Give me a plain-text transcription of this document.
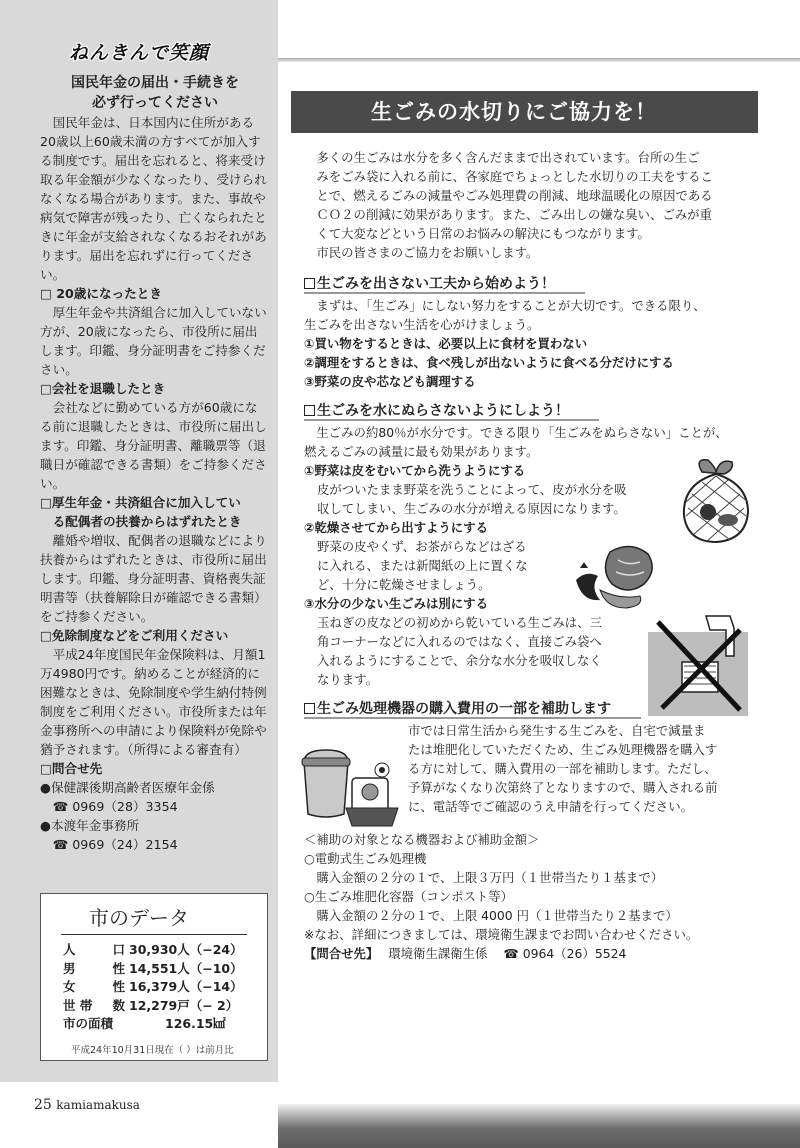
ねんきんで笑顔
国民年金の届出・手続きを
必ず行ってください

国民年金は、日本国内に住所がある20歳以上60歳未満の方すべてが加入する制度です。届出を忘れると、将来受け取る年金額が少なくなったり、受けられなくなる場合があります。また、事故や病気で障害が残ったり、亡くなられたときに年金が支給されなくなるおそれがあります。届出を忘れずに行ってください。

□ 20歳になったとき

厚生年金や共済組合に加入していない方が、20歳になったら、市役所に届出します。印鑑、身分証明書をご持参ください。

□会社を退職したとき

会社などに勤めている方が60歳になる前に退職したときは、市役所に届出します。印鑑、身分証明書、離職票等（退職日が確認できる書類）をご持参ください。

□厚生年金・共済組合に加入してい
る配偶者の扶養からはずれたとき

離婚や増収、配偶者の退職などにより扶養からはずれたときは、市役所に届出します。印鑑、身分証明書、資格喪失証明書等（扶養解除日が確認できる書類）をご持参ください。

□免除制度などをご利用ください

平成24年度国民年金保険料は、月額1万4980円です。納めることが経済的に困難なときは、免除制度や学生納付特例制度をご利用ください。市役所または年金事務所への申請により保険料が免除や猶予されます。（所得による審査有）

□問合せ先

●保健課後期高齢者医療年金係
☎ 0969（28）3354
●本渡年金事務所
☎ 0969（24）2154
市のデータ
人	口 30,930人（−24）
男	性 14,551人（−10）
女	性 16,379人（−14）
世 帯 数 12,279戸（− 2）
市の面積	126.15㎢
平成24年10月31日現在（ ）は前月比
25 kamiamakusa
生ごみの水切りにご協力を！
多くの生ごみは水分を多く含んだままで出されています。台所の生ご
みをごみ袋に入れる前に、各家庭でちょっとした水切りの工夫をするこ
とで、燃えるごみの減量やごみ処理費の削減、地球温暖化の原因である
ＣＯ２の削減に効果があります。また、ごみ出しの嫌な臭い、ごみが重
くて大変などという日常のお悩みの解決にもつながります。
市民の皆さまのご協力をお願いします。
生ごみを出さない工夫から始めよう！
まずは、「生ごみ」にしない努力をすることが大切です。できる限り、
生ごみを出さない生活を心がけましょう。
①買い物をするときは、必要以上に食材を買わない
②調理をするときは、食べ残しが出ないように食べる分だけにする
③野菜の皮や芯なども調理する
生ごみを水にぬらさないようにしよう！
生ごみの約80％が水分です。できる限り「生ごみをぬらさない」ことが、
燃えるごみの減量に最も効果があります。
①野菜は皮をむいてから洗うようにする
皮がついたまま野菜を洗うことによって、皮が水分を吸
収してしまい、生ごみの水分が増える原因になります。
②乾燥させてから出すようにする
野菜の皮やくず、お茶がらなどはざる
に入れる、または新聞紙の上に置くな
ど、十分に乾燥させましょう。
③水分の少ない生ごみは別にする
玉ねぎの皮などの初めから乾いている生ごみは、三
角コーナーなどに入れるのではなく、直接ごみ袋へ
入れるようにすることで、余分な水分を吸収しなく
なります。
生ごみ処理機器の購入費用の一部を補助します
市では日常生活から発生する生ごみを、自宅で減量ま
たは堆肥化していただくため、生ごみ処理機器を購入す
る方に対して、購入費用の一部を補助します。ただし、
予算がなくなり次第終了となりますので、購入される前
に、電話等でご確認のうえ申請を行ってください。
＜補助の対象となる機器および補助金額＞
○電動式生ごみ処理機
購入金額の２分の１で、上限３万円（１世帯当たり１基まで）
○生ごみ堆肥化容器（コンポスト等）
購入金額の２分の１で、上限 4000 円（１世帯当たり２基まで）
※なお、詳細につきましては、環境衛生課までお問い合わせください。
【問合せ先】 環境衛生課衛生係 ☎ 0964（26）5524
